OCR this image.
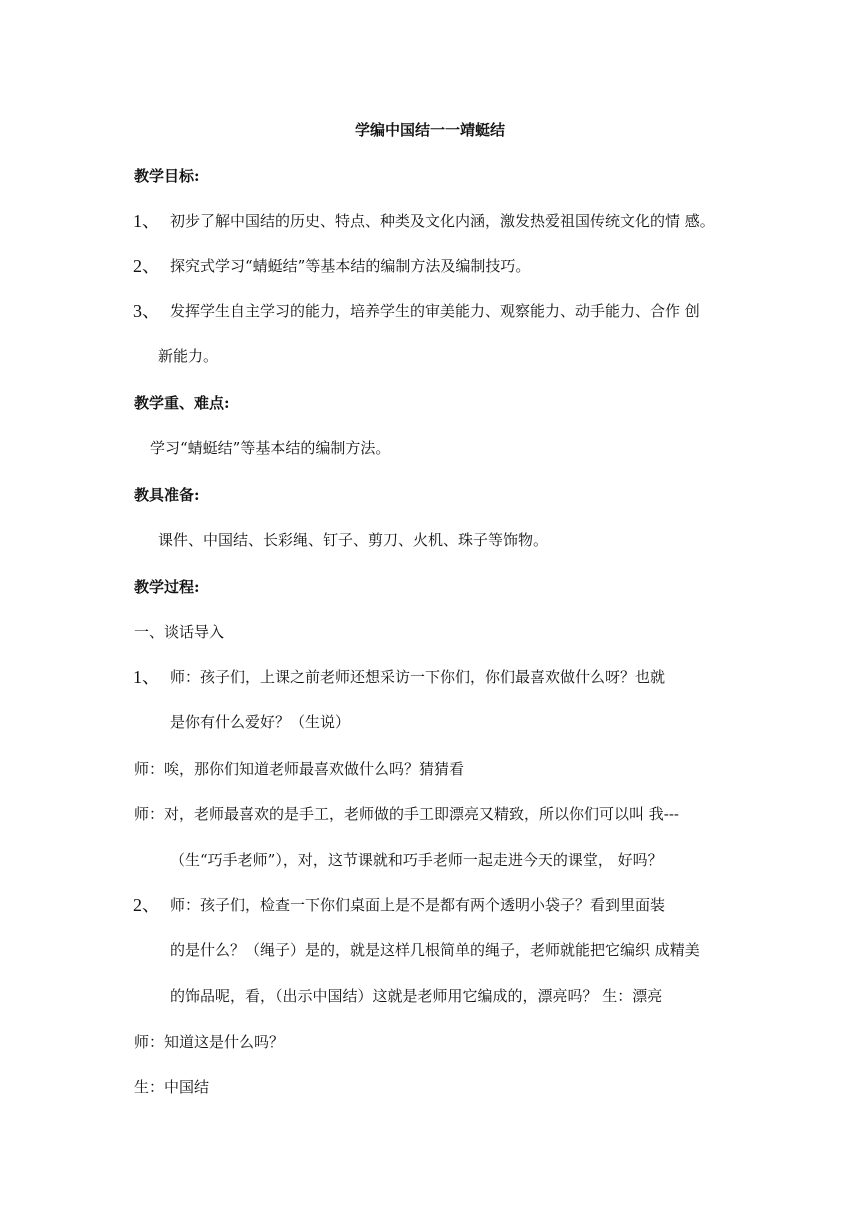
学编中国结一一靖蜓结
教学目标:
1、 初步了解中国结的历史、特点、种类及文化内涵，激发热爱祖国传统文化的情 感。
2、 探究式学习“蜻蜓结”等基本结的编制方法及编制技巧。
3、 发挥学生自主学习的能力，培养学生的审美能力、观察能力、动手能力、合作 创
新能力。
教学重、难点:
学习“蜻蜓结”等基本结的编制方法。
教具准备:
课件、中国结、长彩绳、钉子、剪刀、火机、珠子等饰物。
教学过程:
一、谈话导入
1、 师：孩子们，上课之前老师还想采访一下你们，你们最喜欢做什么呀？也就
是你有什么爱好？（生说）
师：唉，那你们知道老师最喜欢做什么吗？猜猜看
师：对，老师最喜欢的是手工，老师做的手工即漂亮又精致，所以你们可以叫 我---
（生“巧手老师”），对，这节课就和巧手老师一起走进今天的课堂， 好吗？
2、 师：孩子们，检查一下你们桌面上是不是都有两个透明小袋子？看到里面装
的是什么？（绳子）是的，就是这样几根简单的绳子，老师就能把它编织 成精美
的饰品呢，看，（出示中国结）这就是老师用它编成的，漂亮吗？ 生：漂亮
师：知道这是什么吗？
生：中国结
